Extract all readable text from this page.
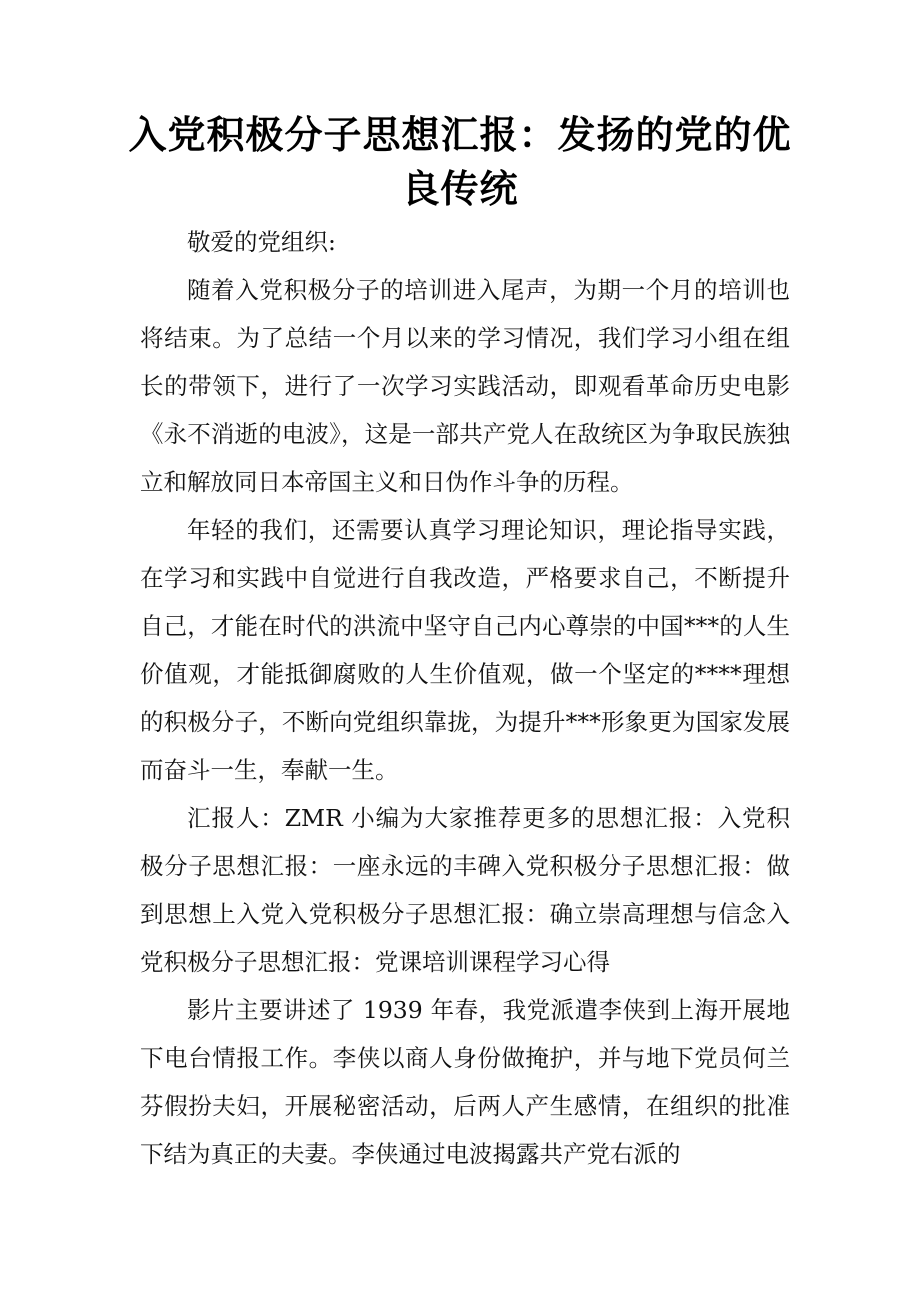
入党积极分子思想汇报：发扬的党的优良传统

敬爱的党组织:

随着入党积极分子的培训进入尾声，为期一个月的培训也将结束。为了总结一个月以来的学习情况，我们学习小组在组长的带领下，进行了一次学习实践活动，即观看革命历史电影《永不消逝的电波》，这是一部共产党人在敌统区为争取民族独立和解放同日本帝国主义和日伪作斗争的历程。

年轻的我们，还需要认真学习理论知识，理论指导实践，在学习和实践中自觉进行自我改造，严格要求自己，不断提升自己，才能在时代的洪流中坚守自己内心尊崇的中国***的人生价值观，才能抵御腐败的人生价值观，做一个坚定的****理想的积极分子，不断向党组织靠拢，为提升***形象更为国家发展而奋斗一生，奉献一生。

汇报人：ZMR 小编为大家推荐更多的思想汇报：入党积极分子思想汇报：一座永远的丰碑入党积极分子思想汇报：做到思想上入党入党积极分子思想汇报：确立崇高理想与信念入党积极分子思想汇报：党课培训课程学习心得

影片主要讲述了 1939 年春，我党派遣李侠到上海开展地下电台情报工作。李侠以商人身份做掩护，并与地下党员何兰芬假扮夫妇，开展秘密活动，后两人产生感情，在组织的批准下结为真正的夫妻。李侠通过电波揭露共产党右派的
